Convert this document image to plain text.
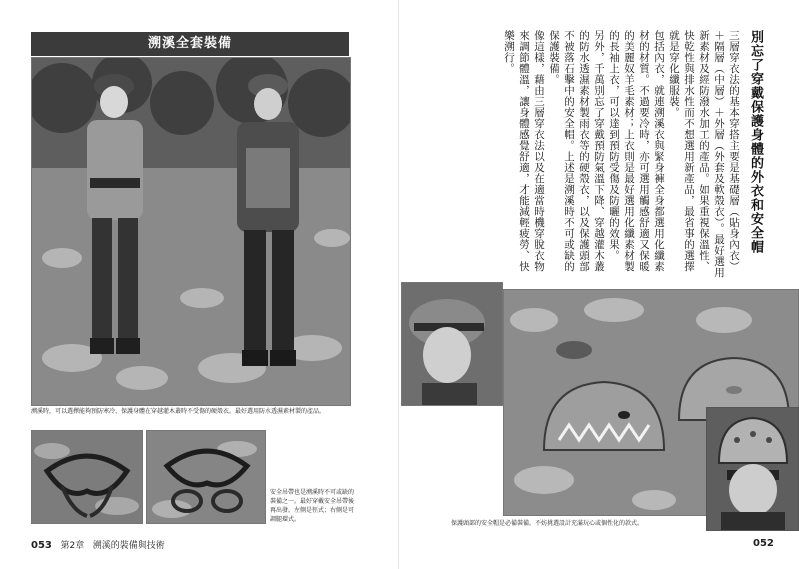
溯溪全套裝備
溯溪時，可以選擇能夠預防寒冷、保護身體在穿越灌木叢時不受傷的硬殼衣。最好選用防水透濕素材製的產品。
安全吊帶也是溯溪時不可或缺的裝備之一。最好穿戴安全吊帶後再出發。左側是徑式；右側是可調腿環式。
053 第2章 溯溪的裝備與技術
別忘了穿戴保護身體的外衣和安全帽

三層穿衣法的基本穿搭主要是基礎層（貼身內衣）＋隔層（中層）＋外層（外套及軟殼衣）。最好選用新素材及經防潑水加工的產品。如果重視保溫性、快乾性與排水性而不想選用新產品，最省事的選擇就是穿化纖服裝。

包括內衣，就連溯溪衣與緊身褲全身都選用化纖素材的材質。不過要冷時，亦可選用觸感舒適又保暖的美麗奴羊毛素材；上衣則是最好選用化纖素材製的長袖上衣，可以達到預防受傷及防曬的效果。

另外，千萬別忘了穿戴預防氣溫下降、穿越灌木叢的防水透濕素材製雨衣等的硬殼衣，以及保護頭部不被落石擊中的安全帽。上述是溯溪時不可或缺的保護裝備。

像這樣，藉由三層穿衣法以及在適當時機穿脫衣物來調節體溫，讓身體感覺舒適，才能減輕疲勞、快樂溯行。

保護頭部的安全帽是必備裝備。不妨挑選設計充滿玩心或個性化的款式。
052
